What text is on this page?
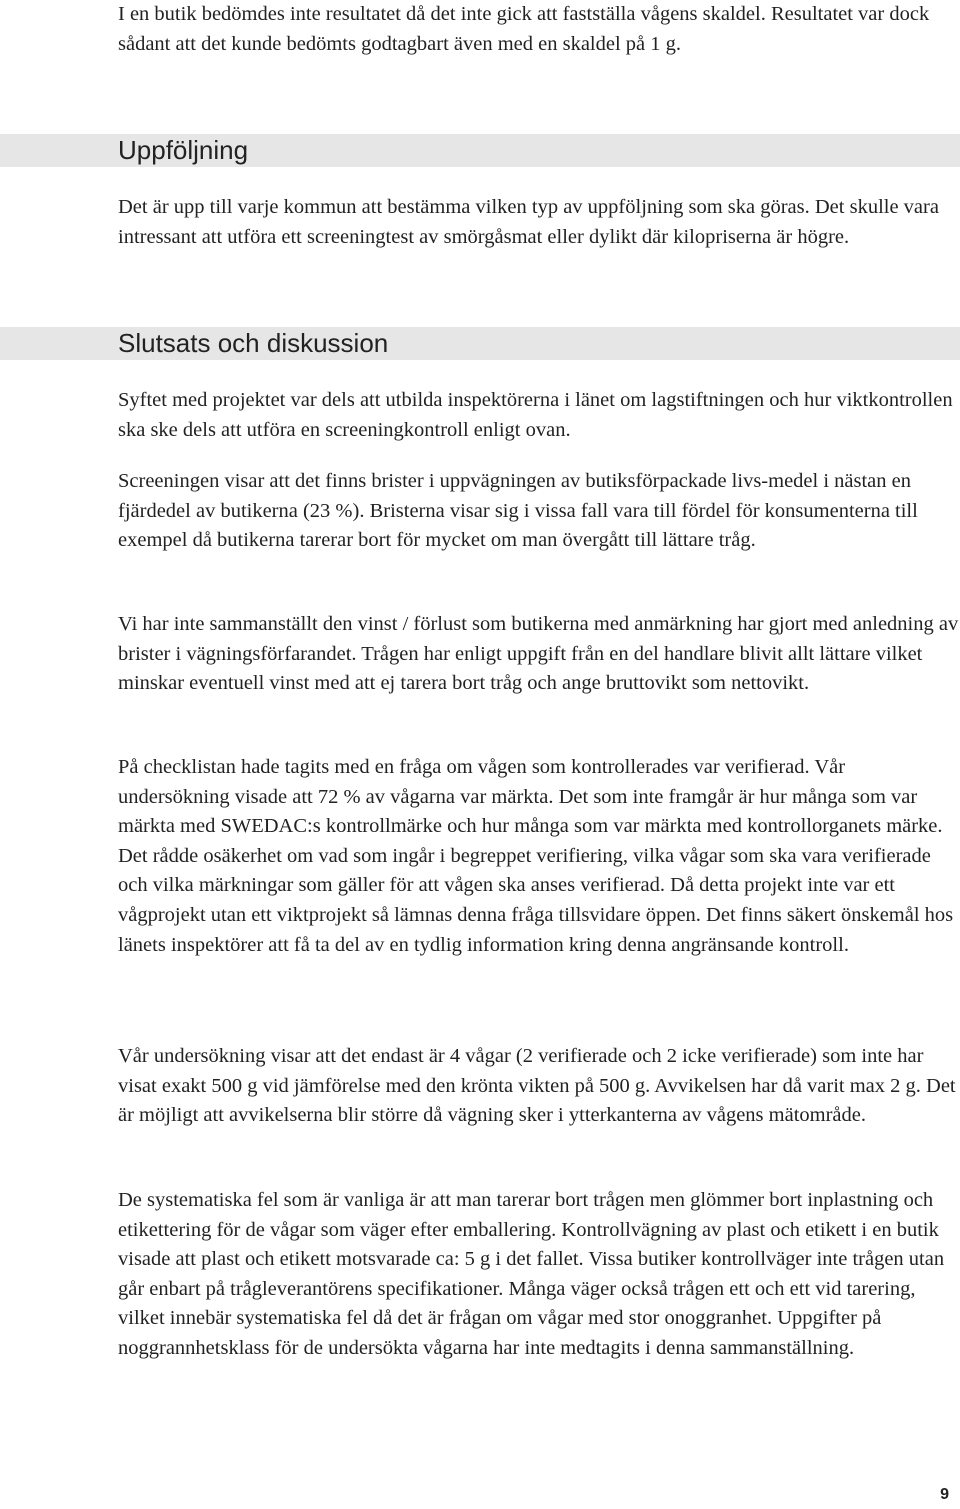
I en butik bedömdes inte resultatet då det inte gick att fastställa vågens skaldel. Resultatet var dock sådant att det kunde bedömts godtagbart även med en skaldel på 1 g.

Uppföljning

Det är upp till varje kommun att bestämma vilken typ av uppföljning som ska göras. Det skulle vara intressant att utföra ett screeningtest av smörgåsmat eller dylikt där kilopriserna är högre.

Slutsats och diskussion

Syftet med projektet var dels att utbilda inspektörerna i länet om lagstiftningen och hur viktkontrollen ska ske dels att utföra en screeningkontroll enligt ovan.

Screeningen visar att det finns brister i uppvägningen av butiksförpackade livs-medel i nästan en fjärdedel av butikerna (23 %). Bristerna visar sig i vissa fall vara till fördel för konsumenterna till exempel då butikerna tarerar bort för mycket om man övergått till lättare tråg.

Vi har inte sammanställt den vinst / förlust som butikerna med anmärkning har gjort med anledning av brister i vägningsförfarandet. Trågen har enligt uppgift från en del handlare blivit allt lättare vilket minskar eventuell vinst med att ej tarera bort tråg och ange bruttovikt som nettovikt.

På checklistan hade tagits med en fråga om vågen som kontrollerades var verifierad. Vår undersökning visade att 72 % av vågarna var märkta. Det som inte framgår är hur många som var märkta med SWEDAC:s kontrollmärke och hur många som var märkta med kontrollorganets märke. Det rådde osäkerhet om vad som ingår i begreppet verifiering, vilka vågar som ska vara verifierade och vilka märkningar som gäller för att vågen ska anses verifierad. Då detta projekt inte var ett vågprojekt utan ett viktprojekt så lämnas denna fråga tillsvidare öppen. Det finns säkert önskemål hos länets inspektörer att få ta del av en tydlig information kring denna angränsande kontroll.

Vår undersökning visar att det endast är 4 vågar (2 verifierade och 2 icke verifierade) som inte har visat exakt 500 g vid jämförelse med den krönta vikten på 500 g. Avvikelsen har då varit max 2 g. Det är möjligt att avvikelserna blir större då vägning sker i ytterkanterna av vågens mätområde.

De systematiska fel som är vanliga är att man tarerar bort trågen men glömmer bort inplastning och etikettering för de vågar som väger efter emballering. Kontrollvägning av plast och etikett i en butik visade att plast och etikett motsvarade ca: 5 g i det fallet. Vissa butiker kontrollväger inte trågen utan går enbart på trågleverantörens specifikationer. Många väger också trågen ett och ett vid tarering, vilket innebär systematiska fel då det är frågan om vågar med stor onoggranhet. Uppgifter på noggrannhetsklass för de undersökta vågarna har inte medtagits i denna sammanställning.

9
